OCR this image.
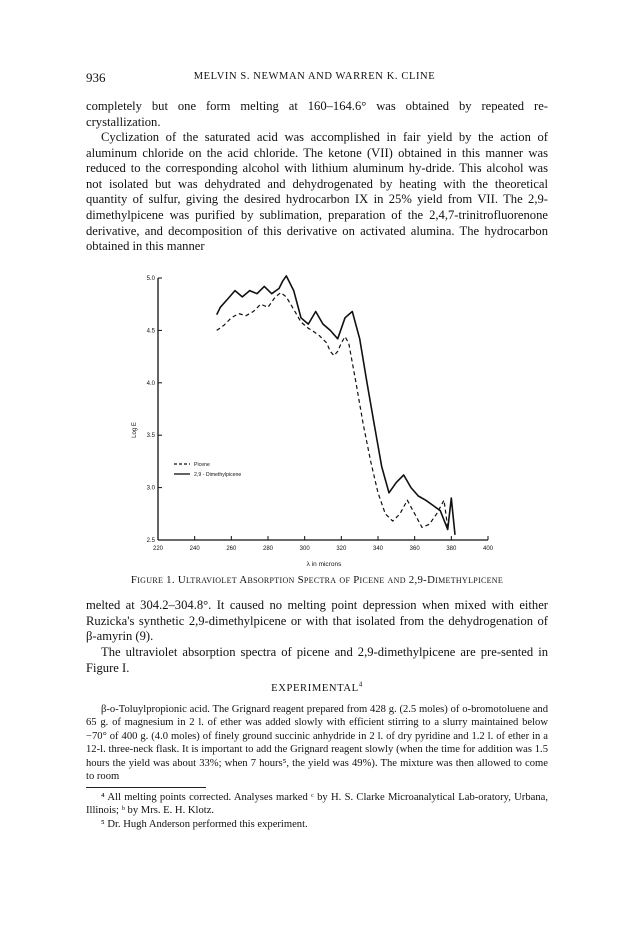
936	MELVIN S. NEWMAN AND WARREN K. CLINE

completely but one form melting at 160–164.6° was obtained by repeated re-crystallization.

Cyclization of the saturated acid was accomplished in fair yield by the action of aluminum chloride on the acid chloride. The ketone (VII) obtained in this manner was reduced to the corresponding alcohol with lithium aluminum hy-dride. This alcohol was not isolated but was dehydrated and dehydrogenated by heating with the theoretical quantity of sulfur, giving the desired hydrocarbon IX in 25% yield from VII. The 2,9-dimethylpicene was purified by sublimation, preparation of the 2,4,7-trinitrofluorenone derivative, and decomposition of this derivative on activated alumina. The hydrocarbon obtained in this manner

220	240	260	280	300	320	340	360	380	400
2.5
3.0
3.5
4.0
4.5
5.0
Picene
2,9 - Dimethylpicene
Log E
λ in microns
Figure 1. Ultraviolet Absorption Spectra of Picene and 2,9-Dimethylpicene

melted at 304.2–304.8°. It caused no melting point depression when mixed with either Ruzicka's synthetic 2,9-dimethylpicene or with that isolated from the dehydrogenation of β-amyrin (9).

The ultraviolet absorption spectra of picene and 2,9-dimethylpicene are pre-sented in Figure I.

EXPERIMENTAL$^4$

β-o-Toluylpropionic acid. The Grignard reagent prepared from 428 g. (2.5 moles) of o-bromotoluene and 65 g. of magnesium in 2 l. of ether was added slowly with efficient stirring to a slurry maintained below −70° of 400 g. (4.0 moles) of finely ground succinic anhydride in 2 l. of dry pyridine and 1.2 l. of ether in a 12-l. three-neck flask. It is important to add the Grignard reagent slowly (when the time for addition was 1.5 hours the yield was about 33%; when 7 hours⁵, the yield was 49%). The mixture was then allowed to come to room

⁴ All melting points corrected. Analyses marked ᶜ by H. S. Clarke Microanalytical Lab-oratory, Urbana, Illinois; ᵇ by Mrs. E. H. Klotz.

⁵ Dr. Hugh Anderson performed this experiment.
